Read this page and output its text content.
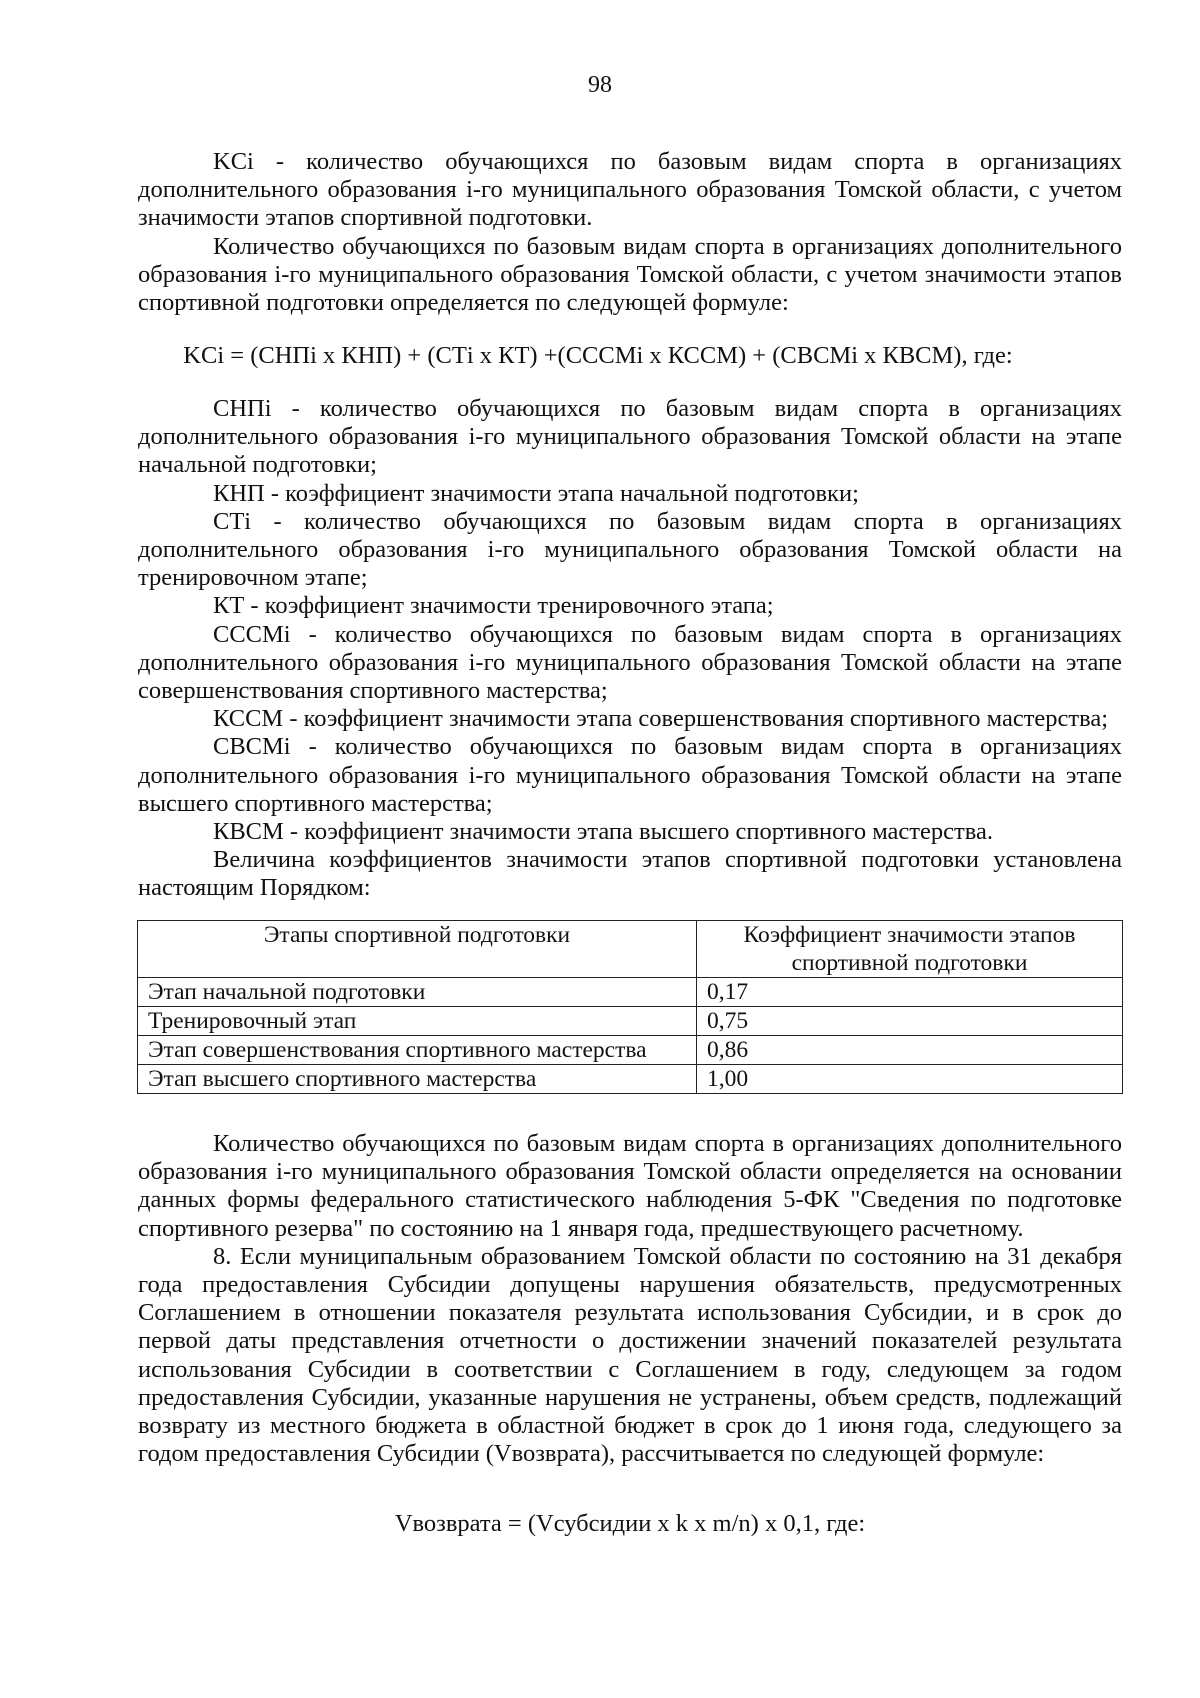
98

KCi - количество обучающихся по базовым видам спорта в организациях дополнительного образования i-го муниципального образования Томской области, с учетом значимости этапов спортивной подготовки.

Количество обучающихся по базовым видам спорта в организациях дополнительного образования i-го муниципального образования Томской области, с учетом значимости этапов спортивной подготовки определяется по следующей формуле:

KCi = (СНПi x КНП) + (СТi x КТ) +(СССМi x КССМ) + (СВСМi x КВСМ), где:

СНПi - количество обучающихся по базовым видам спорта в организациях дополнительного образования i-го муниципального образования Томской области на этапе начальной подготовки;

КНП - коэффициент значимости этапа начальной подготовки;

СТi - количество обучающихся по базовым видам спорта в организациях дополнительного образования i-го муниципального образования Томской области на тренировочном этапе;

КТ - коэффициент значимости тренировочного этапа;

СССМi - количество обучающихся по базовым видам спорта в организациях дополнительного образования i-го муниципального образования Томской области на этапе совершенствования спортивного мастерства;

КССМ - коэффициент значимости этапа совершенствования спортивного мастерства;

СВСМi - количество обучающихся по базовым видам спорта в организациях дополнительного образования i-го муниципального образования Томской области на этапе высшего спортивного мастерства;

КВСМ - коэффициент значимости этапа высшего спортивного мастерства.

Величина коэффициентов значимости этапов спортивной подготовки установлена настоящим Порядком:

Этапы спортивной подготовки	Коэффициент значимости этапов спортивной подготовки
Этап начальной подготовки	0,17
Тренировочный этап	0,75
Этап совершенствования спортивного мастерства	0,86
Этап высшего спортивного мастерства	1,00

Количество обучающихся по базовым видам спорта в организациях дополнительного образования i-го муниципального образования Томской области определяется на основании данных формы федерального статистического наблюдения 5-ФК "Сведения по подготовке спортивного резерва" по состоянию на 1 января года, предшествующего расчетному.

8. Если муниципальным образованием Томской области по состоянию на 31 декабря года предоставления Субсидии допущены нарушения обязательств, предусмотренных Соглашением в отношении показателя результата использования Субсидии, и в срок до первой даты представления отчетности о достижении значений показателей результата использования Субсидии в соответствии с Соглашением в году, следующем за годом предоставления Субсидии, указанные нарушения не устранены, объем средств, подлежащий возврату из местного бюджета в областной бюджет в срок до 1 июня года, следующего за годом предоставления Субсидии (Vвозврата), рассчитывается по следующей формуле:

Vвозврата = (Vсубсидии x k x m/n) x 0,1, где:
